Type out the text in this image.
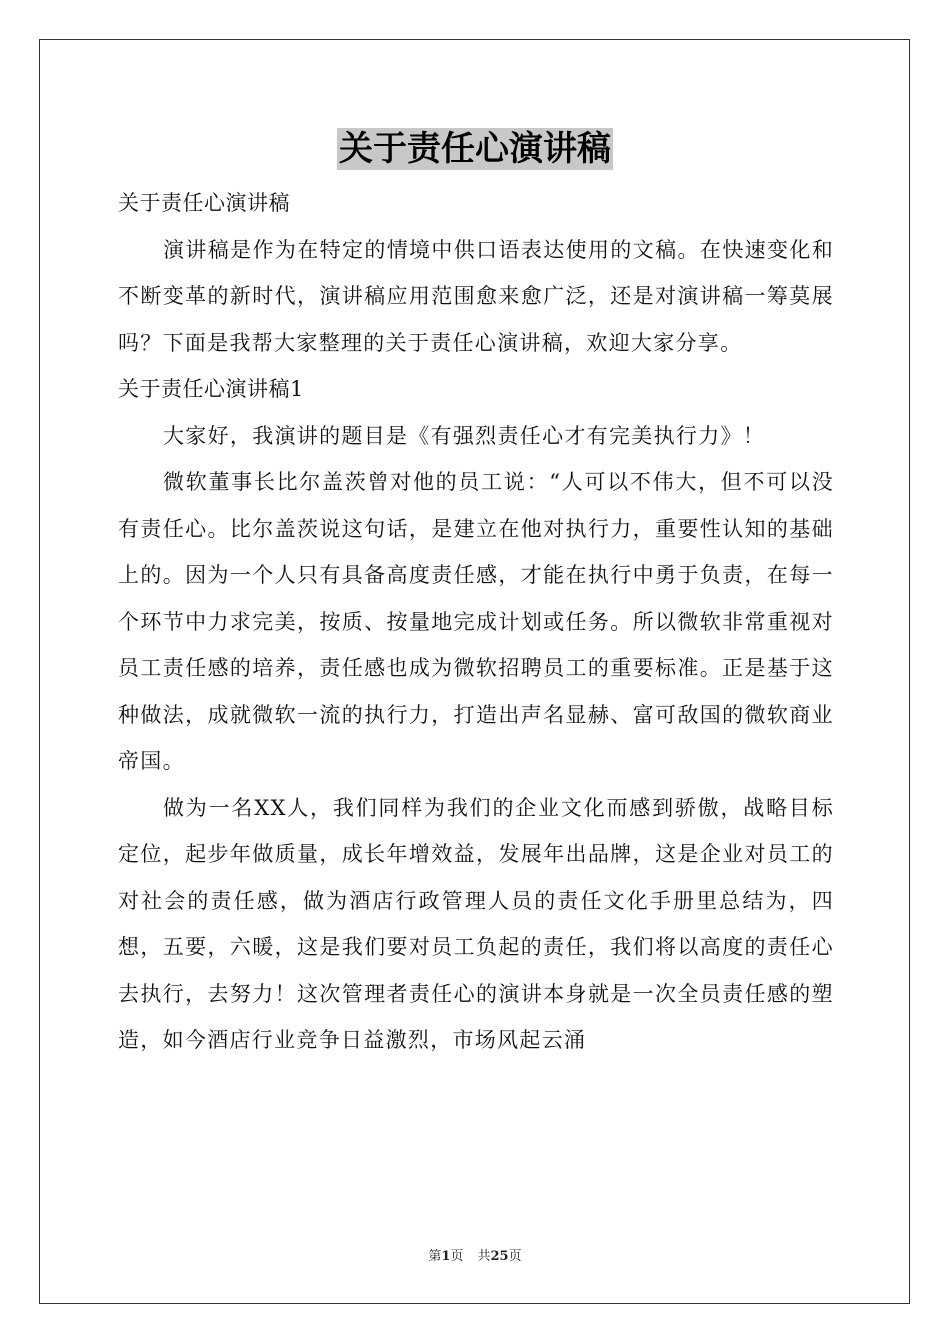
关于责任心演讲稿

关于责任心演讲稿

演讲稿是作为在特定的情境中供口语表达使用的文稿。在快速变化和不断变革的新时代，演讲稿应用范围愈来愈广泛，还是对演讲稿一筹莫展吗？下面是我帮大家整理的关于责任心演讲稿，欢迎大家分享。

关于责任心演讲稿1

大家好，我演讲的题目是《有强烈责任心才有完美执行力》！

微软董事长比尔盖茨曾对他的员工说：“人可以不伟大，但不可以没有责任心。比尔盖茨说这句话，是建立在他对执行力，重要性认知的基础上的。因为一个人只有具备高度责任感，才能在执行中勇于负责，在每一个环节中力求完美，按质、按量地完成计划或任务。所以微软非常重视对员工责任感的培养，责任感也成为微软招聘员工的重要标准。正是基于这种做法，成就微软一流的执行力，打造出声名显赫、富可敌国的微软商业帝国。

做为一名XX人，我们同样为我们的企业文化而感到骄傲，战略目标定位，起步年做质量，成长年增效益，发展年出品牌，这是企业对员工的对社会的责任感，做为酒店行政管理人员的责任文化手册里总结为，四想，五要，六暖，这是我们要对员工负起的责任，我们将以高度的责任心去执行，去努力！这次管理者责任心的演讲本身就是一次全员责任感的塑造，如今酒店行业竞争日益激烈，市场风起云涌

第1页 共25页
